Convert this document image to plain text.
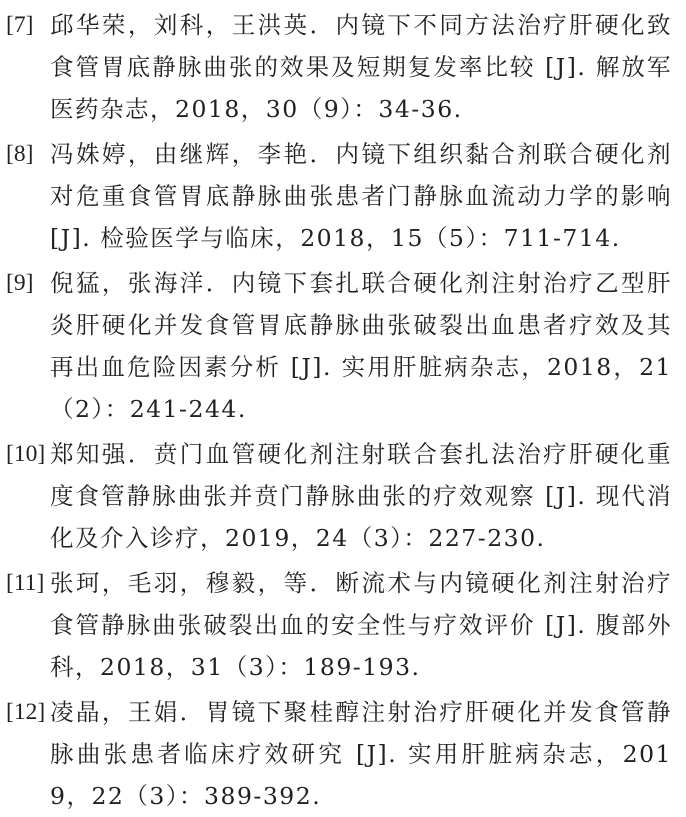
[7] 邱华荣，刘科，王洪英．内镜下不同方法治疗肝硬化致食管胃底静脉曲张的效果及短期复发率比较 [J]. 解放军医药杂志，2018，30（9）：34-36.
[8] 冯姝婷，由继辉，李艳．内镜下组织黏合剂联合硬化剂对危重食管胃底静脉曲张患者门静脉血流动力学的影响 [J]. 检验医学与临床，2018，15（5）：711-714.
[9] 倪猛，张海洋．内镜下套扎联合硬化剂注射治疗乙型肝炎肝硬化并发食管胃底静脉曲张破裂出血患者疗效及其再出血危险因素分析 [J]. 实用肝脏病杂志，2018，21（2）：241-244.
[10] 郑知强．贲门血管硬化剂注射联合套扎法治疗肝硬化重度食管静脉曲张并贲门静脉曲张的疗效观察 [J]. 现代消化及介入诊疗，2019，24（3）：227-230.
[11] 张珂，毛羽，穆毅，等．断流术与内镜硬化剂注射治疗食管静脉曲张破裂出血的安全性与疗效评价 [J]. 腹部外科，2018，31（3）：189-193.
[12] 凌晶，王娟．胃镜下聚桂醇注射治疗肝硬化并发食管静脉曲张患者临床疗效研究 [J]. 实用肝脏病杂志，2019，22（3）：389-392.
